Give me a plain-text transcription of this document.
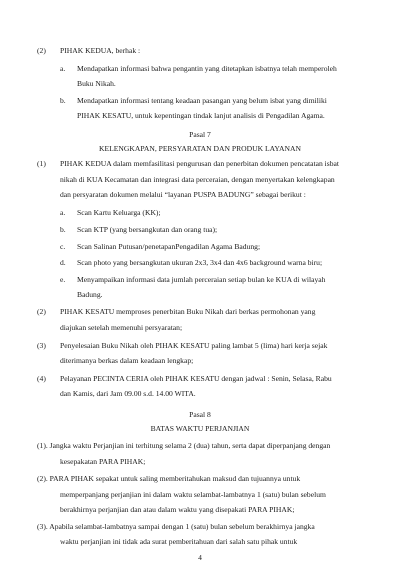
(2) PIHAK KEDUA, berhak :
a. Mendapatkan informasi bahwa pengantin yang ditetapkan isbatnya telah memperoleh
Buku Nikah.
b. Mendapatkan informasi tentang keadaan pasangan yang belum isbat yang dimiliki
PIHAK KESATU, untuk kepentingan tindak lanjut analisis di Pengadilan Agama.
Pasal 7
KELENGKAPAN, PERSYARATAN DAN PRODUK LAYANAN
(1) PIHAK KEDUA dalam memfasilitasi pengurusan dan penerbitan dokumen pencatatan isbat
nikah di KUA Kecamatan dan integrasi data perceraian, dengan menyertakan kelengkapan
dan persyaratan dokumen melalui “layanan PUSPA BADUNG” sebagai berikut :
a. Scan Kartu Keluarga (KK);
b. Scan KTP (yang bersangkutan dan orang tua);
c. Scan Salinan Putusan/penetapanPengadilan Agama Badung;
d. Scan photo yang bersangkutan ukuran 2x3, 3x4 dan 4x6 background warna biru;
e. Menyampaikan informasi data jumlah perceraian setiap bulan ke KUA di wilayah
Badung.
(2) PIHAK KESATU memproses penerbitan Buku Nikah dari berkas permohonan yang
diajukan setelah memenuhi persyaratan;
(3) Penyelesaian Buku Nikah oleh PIHAK KESATU paling lambat 5 (lima) hari kerja sejak
diterimanya berkas dalam keadaan lengkap;
(4) Pelayanan PECINTA CERIA oleh PIHAK KESATU dengan jadwal : Senin, Selasa, Rabu
dan Kamis, dari Jam 09.00 s.d. 14.00 WITA.
Pasal 8
BATAS WAKTU PERJANJIAN
(1). Jangka waktu Perjanjian ini terhitung selama 2 (dua) tahun, serta dapat diperpanjang dengan
kesepakatan PARA PIHAK;
(2). PARA PIHAK sepakat untuk saling memberitahukan maksud dan tujuannya untuk
memperpanjang perjanjian ini dalam waktu selambat-lambatnya 1 (satu) bulan sebelum
berakhirnya perjanjian dan atau dalam waktu yang disepakati PARA PIHAK;
(3). Apabila selambat-lambatnya sampai dengan 1 (satu) bulan sebelum berakhirnya jangka
waktu perjanjian ini tidak ada surat pemberitahuan dari salah satu pihak untuk
4
